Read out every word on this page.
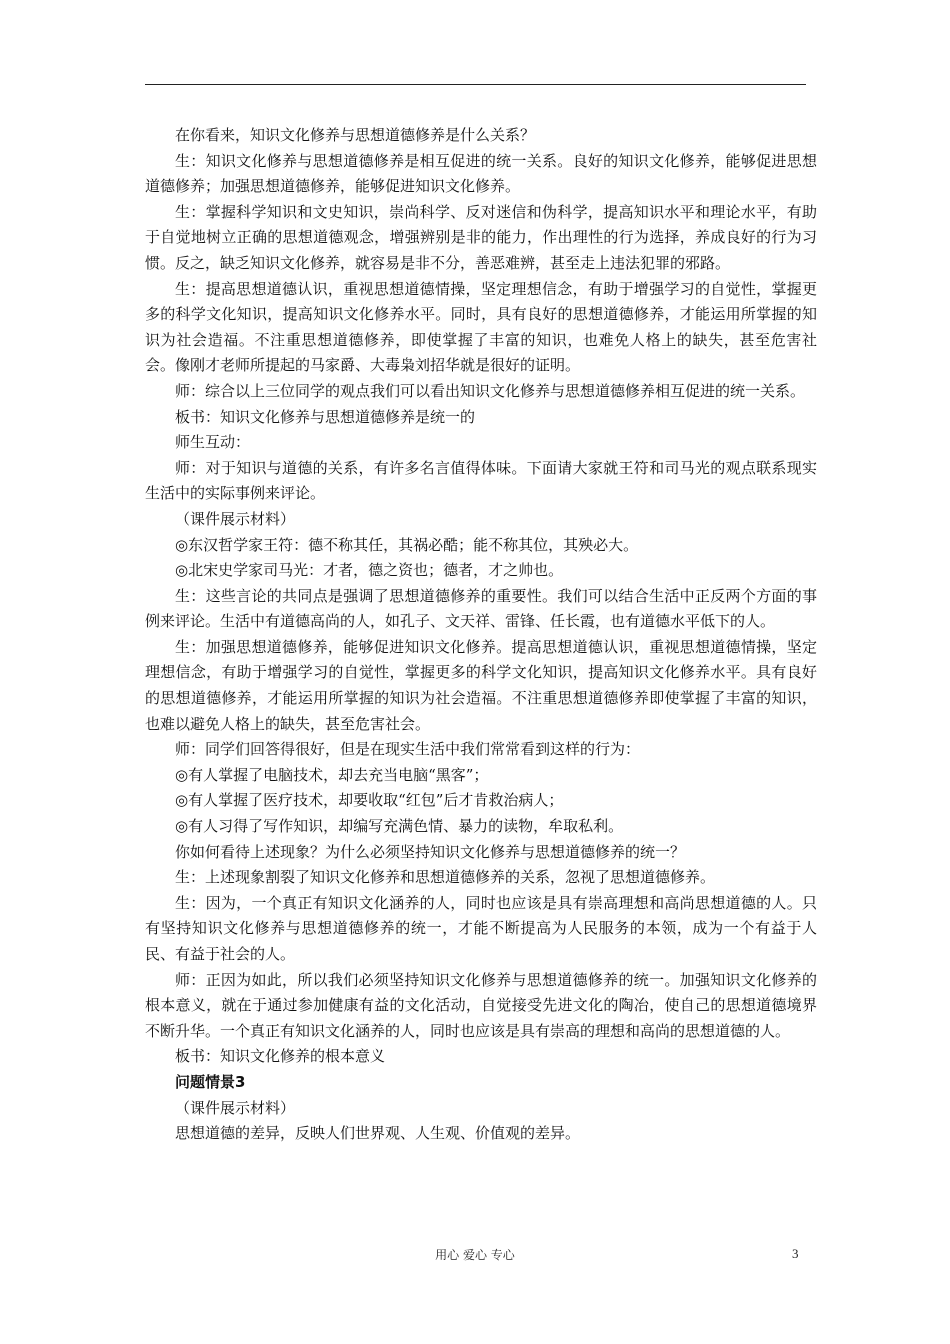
在你看来，知识文化修养与思想道德修养是什么关系？

生：知识文化修养与思想道德修养是相互促进的统一关系。良好的知识文化修养，能够促进思想道德修养；加强思想道德修养，能够促进知识文化修养。

生：掌握科学知识和文史知识，崇尚科学、反对迷信和伪科学，提高知识水平和理论水平，有助于自觉地树立正确的思想道德观念，增强辨别是非的能力，作出理性的行为选择，养成良好的行为习惯。反之，缺乏知识文化修养，就容易是非不分，善恶难辨，甚至走上违法犯罪的邪路。

生：提高思想道德认识，重视思想道德情操，坚定理想信念，有助于增强学习的自觉性，掌握更多的科学文化知识，提高知识文化修养水平。同时，具有良好的思想道德修养，才能运用所掌握的知识为社会造福。不注重思想道德修养，即使掌握了丰富的知识，也难免人格上的缺失，甚至危害社会。像刚才老师所提起的马家爵、大毒枭刘招华就是很好的证明。

师：综合以上三位同学的观点我们可以看出知识文化修养与思想道德修养相互促进的统一关系。

板书：知识文化修养与思想道德修养是统一的

师生互动：

师：对于知识与道德的关系，有许多名言值得体味。下面请大家就王符和司马光的观点联系现实生活中的实际事例来评论。

（课件展示材料）

◎东汉哲学家王符：德不称其任，其祸必酷；能不称其位，其殃必大。

◎北宋史学家司马光：才者，德之资也；德者，才之帅也。

生：这些言论的共同点是强调了思想道德修养的重要性。我们可以结合生活中正反两个方面的事例来评论。生活中有道德高尚的人，如孔子、文天祥、雷锋、任长霞，也有道德水平低下的人。

生：加强思想道德修养，能够促进知识文化修养。提高思想道德认识，重视思想道德情操，坚定理想信念，有助于增强学习的自觉性，掌握更多的科学文化知识，提高知识文化修养水平。具有良好的思想道德修养，才能运用所掌握的知识为社会造福。不注重思想道德修养即使掌握了丰富的知识，也难以避免人格上的缺失，甚至危害社会。

师：同学们回答得很好，但是在现实生活中我们常常看到这样的行为：

◎有人掌握了电脑技术，却去充当电脑“黑客”；

◎有人掌握了医疗技术，却要收取“红包”后才肯救治病人；

◎有人习得了写作知识，却编写充满色情、暴力的读物，牟取私利。

你如何看待上述现象？为什么必须坚持知识文化修养与思想道德修养的统一？

生：上述现象割裂了知识文化修养和思想道德修养的关系，忽视了思想道德修养。

生：因为，一个真正有知识文化涵养的人，同时也应该是具有崇高理想和高尚思想道德的人。只有坚持知识文化修养与思想道德修养的统一，才能不断提高为人民服务的本领，成为一个有益于人民、有益于社会的人。

师：正因为如此，所以我们必须坚持知识文化修养与思想道德修养的统一。加强知识文化修养的根本意义，就在于通过参加健康有益的文化活动，自觉接受先进文化的陶冶，使自己的思想道德境界不断升华。一个真正有知识文化涵养的人，同时也应该是具有崇高的理想和高尚的思想道德的人。

板书：知识文化修养的根本意义

问题情景3

（课件展示材料）

思想道德的差异，反映人们世界观、人生观、价值观的差异。

用心 爱心 专心	3
